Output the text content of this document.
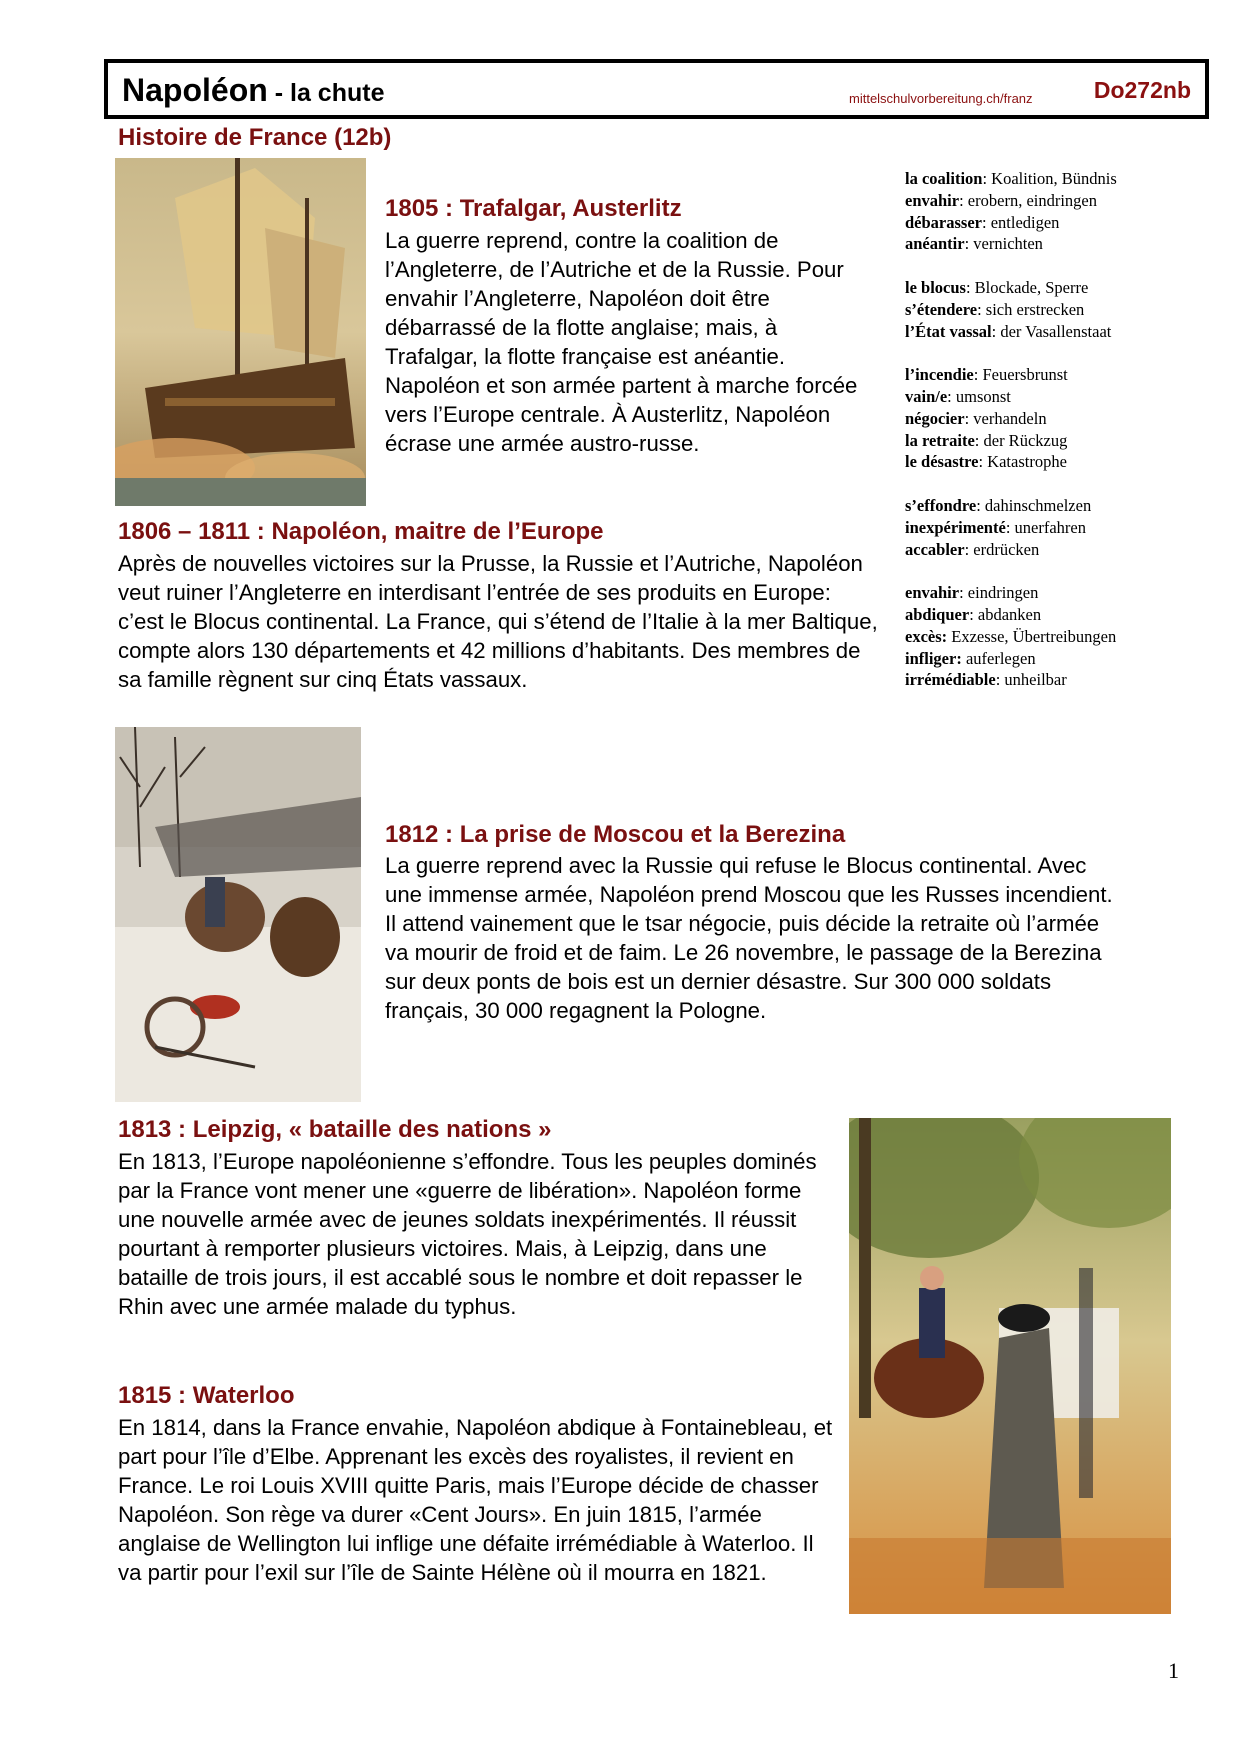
Napoléon - la chute	mittelschulvorbereitung.ch/franz	Do272nb
Histoire de France (12b)
1805 : Trafalgar, Austerlitz

La guerre reprend, contre la coalition de l’Angleterre, de l’Autriche et de la Russie. Pour envahir l’Angleterre, Napoléon doit être débarrassé de la flotte anglaise; mais, à Trafalgar, la flotte française est anéantie. Napoléon et son armée partent à marche forcée vers l’Europe centrale. À Austerlitz, Napoléon écrase une armée austro-russe.

1806 – 1811 : Napoléon, maitre de l’Europe

Après de nouvelles victoires sur la Prusse, la Russie et l’Autriche, Napoléon veut ruiner l’Angleterre en interdisant l’entrée de ses produits en Europe: c’est le Blocus continental. La France, qui s’étend de l’Italie à la mer Baltique, compte alors 130 départements et 42 millions d’habitants. Des membres de sa famille règnent sur cinq États vassaux.

1812 : La prise de Moscou et la Berezina

La guerre reprend avec la Russie qui refuse le Blocus continental. Avec une immense armée, Napoléon prend Moscou que les Russes incendient. Il attend vainement que le tsar négocie, puis décide la retraite où l’armée va mourir de froid et de faim. Le 26 novembre, le passage de la Berezina sur deux ponts de bois est un dernier désastre. Sur 300 000 soldats français, 30 000 regagnent la Pologne.

1813 : Leipzig, « bataille des nations »

En 1813, l’Europe napoléonienne s’effondre. Tous les peuples dominés par la France vont mener une «guerre de libération». Napoléon forme une nouvelle armée avec de jeunes soldats inexpérimentés. Il réussit pourtant à remporter plusieurs victoires. Mais, à Leipzig, dans une bataille de trois jours, il est accablé sous le nombre et doit repasser le Rhin avec une armée malade du typhus.

1815 : Waterloo

En 1814, dans la France envahie, Napoléon abdique à Fontainebleau, et part pour l’île d’Elbe. Apprenant les excès des royalistes, il revient en France. Le roi Louis XVIII quitte Paris, mais l’Europe décide de chasser Napoléon. Son rège va durer «Cent Jours». En juin 1815, l’armée anglaise de Wellington lui inflige une défaite irrémédiable à Waterloo. Il va partir pour l’exil sur l’île de Sainte Hélène où il mourra en 1821.

la coalition: Koalition, Bündnis
envahir: erobern, eindringen
débarasser: entledigen
anéantir: vernichten
le blocus: Blockade, Sperre
s’étendere: sich erstrecken
l’État vassal: der Vasallenstaat
l’incendie: Feuersbrunst
vain/e: umsonst
négocier: verhandeln
la retraite: der Rückzug
le désastre: Katastrophe
s’effondre: dahinschmelzen
inexpérimenté: unerfahren
accabler: erdrücken
envahir: eindringen
abdiquer: abdanken
excès: Exzesse, Übertreibungen
infliger: auferlegen
irrémédiable: unheilbar
1
